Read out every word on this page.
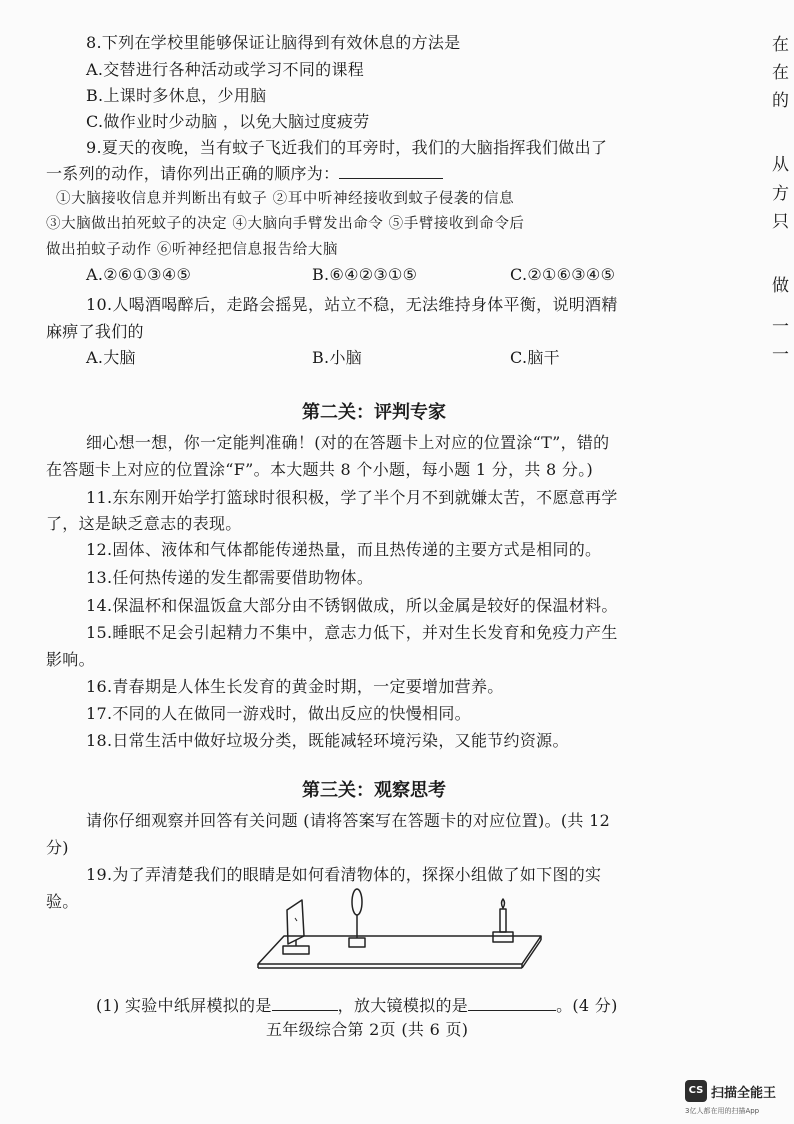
8.下列在学校里能够保证让脑得到有效休息的方法是
A.交替进行各种活动或学习不同的课程
B.上课时多休息，少用脑
C.做作业时少动脑 ，以免大脑过度疲劳
9.夏天的夜晚，当有蚊子飞近我们的耳旁时，我们的大脑指挥我们做出了
一系列的动作，请你列出正确的顺序为：
①大脑接收信息并判断出有蚊子 ②耳中听神经接收到蚊子侵袭的信息
③大脑做出拍死蚊子的决定 ④大脑向手臂发出命令 ⑤手臂接收到命令后
做出拍蚊子动作 ⑥听神经把信息报告给大脑
A.②⑥①③④⑤	B.⑥④②③①⑤	C.②①⑥③④⑤
10.人喝酒喝醉后，走路会摇晃，站立不稳，无法维持身体平衡，说明酒精
麻痹了我们的
A.大脑	B.小脑	C.脑干
第二关：评判专家
细心想一想，你一定能判准确！(对的在答题卡上对应的位置涂“T”，错的
在答题卡上对应的位置涂“F”。本大题共 8 个小题，每小题 1 分，共 8 分。)
11.东东刚开始学打篮球时很积极，学了半个月不到就嫌太苦，不愿意再学
了，这是缺乏意志的表现。
12.固体、液体和气体都能传递热量，而且热传递的主要方式是相同的。
13.任何热传递的发生都需要借助物体。
14.保温杯和保温饭盒大部分由不锈钢做成，所以金属是较好的保温材料。
15.睡眠不足会引起精力不集中，意志力低下，并对生长发育和免疫力产生
影响。
16.青春期是人体生长发育的黄金时期，一定要增加营养。
17.不同的人在做同一游戏时，做出反应的快慢相同。
18.日常生活中做好垃圾分类，既能减轻环境污染，又能节约资源。
第三关：观察思考
请你仔细观察并回答有关问题 (请将答案写在答题卡的对应位置)。(共 12
分)
19.为了弄清楚我们的眼睛是如何看清物体的，探探小组做了如下图的实
验。
(1) 实验中纸屏模拟的是	，放大镜模拟的是	。(4 分)
五年级综合第 2页 (共 6 页)
在
在
的
从
方
只
做
一
一
CS 扫描全能王
3亿人都在用的扫描App
